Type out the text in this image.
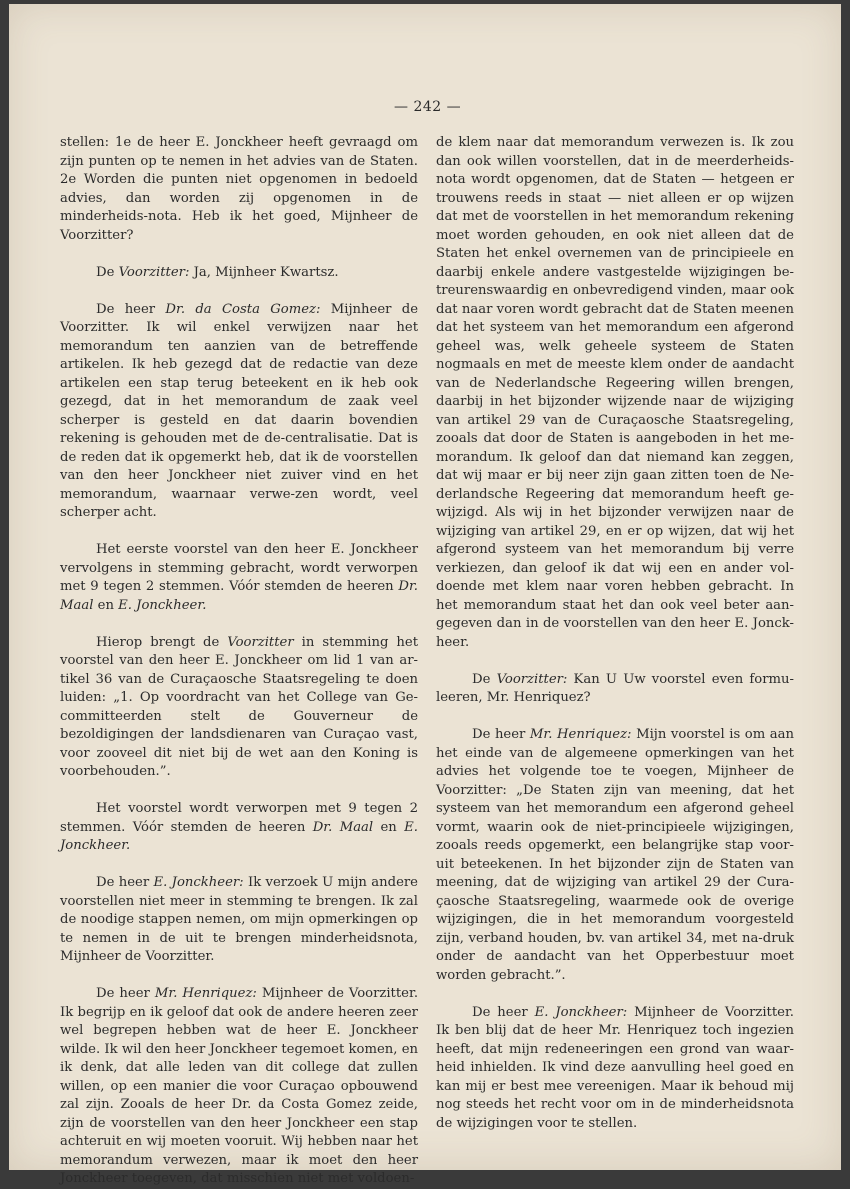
— 242 —

stellen: 1e de heer E. Jonckheer heeft gevraagd om zijn punten op te nemen in het advies van de Staten. 2e Worden die punten niet opgenomen in bedoeld advies, dan worden zij opgenomen in de minderheids-nota. Heb ik het goed, Mijnheer de Voorzitter?

De Voorzitter: Ja, Mijnheer Kwartsz.

De heer Dr. da Costa Gomez: Mijnheer de Voorzitter. Ik wil enkel verwijzen naar het memorandum ten aanzien van de betreffende artikelen. Ik heb gezegd dat de redactie van deze artikelen een stap terug beteekent en ik heb ook gezegd, dat in het memorandum de zaak veel scherper is gesteld en dat daarin bovendien rekening is gehouden met de de-centralisatie. Dat is de reden dat ik opgemerkt heb, dat ik de voorstellen van den heer Jonckheer niet zuiver vind en het memorandum, waarnaar verwe-zen wordt, veel scherper acht.

Het eerste voorstel van den heer E. Jonckheer vervolgens in stemming gebracht, wordt verworpen met 9 tegen 2 stemmen. Vóór stemden de heeren Dr. Maal en E. Jonckheer.

Hierop brengt de Voorzitter in stemming het voorstel van den heer E. Jonckheer om lid 1 van ar-tikel 36 van de Curaçaosche Staatsregeling te doen luiden: „1. Op voordracht van het College van Ge-committeerden stelt de Gouverneur de bezoldigingen der landsdienaren van Curaçao vast, voor zooveel dit niet bij de wet aan den Koning is voorbehouden.”.

Het voorstel wordt verworpen met 9 tegen 2 stemmen. Vóór stemden de heeren Dr. Maal en E. Jonckheer.

De heer E. Jonckheer: Ik verzoek U mijn andere voorstellen niet meer in stemming te brengen. Ik zal de noodige stappen nemen, om mijn opmerkingen op te nemen in de uit te brengen minderheidsnota, Mijnheer de Voorzitter.

De heer Mr. Henriquez: Mijnheer de Voorzitter. Ik begrijp en ik geloof dat ook de andere heeren zeer wel begrepen hebben wat de heer E. Jonckheer wilde. Ik wil den heer Jonckheer tegemoet komen, en ik denk, dat alle leden van dit college dat zullen willen, op een manier die voor Curaçao opbouwend zal zijn. Zooals de heer Dr. da Costa Gomez zeide, zijn de voorstellen van den heer Jonckheer een stap achteruit en wij moeten vooruit. Wij hebben naar het memorandum verwezen, maar ik moet den heer Jonckheer toegeven, dat misschien niet met voldoen-

de klem naar dat memorandum verwezen is. Ik zou dan ook willen voorstellen, dat in de meerderheids-nota wordt opgenomen, dat de Staten — hetgeen er trouwens reeds in staat — niet alleen er op wijzen dat met de voorstellen in het memorandum rekening moet worden gehouden, en ook niet alleen dat de Staten het enkel overnemen van de principieele en daarbij enkele andere vastgestelde wijzigingen be-treurenswaardig en onbevredigend vinden, maar ook dat naar voren wordt gebracht dat de Staten meenen dat het systeem van het memorandum een afgerond geheel was, welk geheele systeem de Staten nogmaals en met de meeste klem onder de aandacht van de Nederlandsche Regeering willen brengen, daarbij in het bijzonder wijzende naar de wijziging van artikel 29 van de Curaçaosche Staatsregeling, zooals dat door de Staten is aangeboden in het me-morandum. Ik geloof dan dat niemand kan zeggen, dat wij maar er bij neer zijn gaan zitten toen de Ne-derlandsche Regeering dat memorandum heeft ge-wijzigd. Als wij in het bijzonder verwijzen naar de wijziging van artikel 29, en er op wijzen, dat wij het afgerond systeem van het memorandum bij verre verkiezen, dan geloof ik dat wij een en ander vol-doende met klem naar voren hebben gebracht. In het memorandum staat het dan ook veel beter aan-gegeven dan in de voorstellen van den heer E. Jonck-heer.

De Voorzitter: Kan U Uw voorstel even formu-leeren, Mr. Henriquez?

De heer Mr. Henriquez: Mijn voorstel is om aan het einde van de algemeene opmerkingen van het advies het volgende toe te voegen, Mijnheer de Voorzitter: „De Staten zijn van meening, dat het systeem van het memorandum een afgerond geheel vormt, waarin ook de niet-principieele wijzigingen, zooals reeds opgemerkt, een belangrijke stap voor-uit beteekenen. In het bijzonder zijn de Staten van meening, dat de wijziging van artikel 29 der Cura-çaosche Staatsregeling, waarmede ook de overige wijzigingen, die in het memorandum voorgesteld zijn, verband houden, bv. van artikel 34, met na-druk onder de aandacht van het Opperbestuur moet worden gebracht.”.

De heer E. Jonckheer: Mijnheer de Voorzitter. Ik ben blij dat de heer Mr. Henriquez toch ingezien heeft, dat mijn redeneeringen een grond van waar-heid inhielden. Ik vind deze aanvulling heel goed en kan mij er best mee vereenigen. Maar ik behoud mij nog steeds het recht voor om in de minderheidsnota de wijzigingen voor te stellen.
